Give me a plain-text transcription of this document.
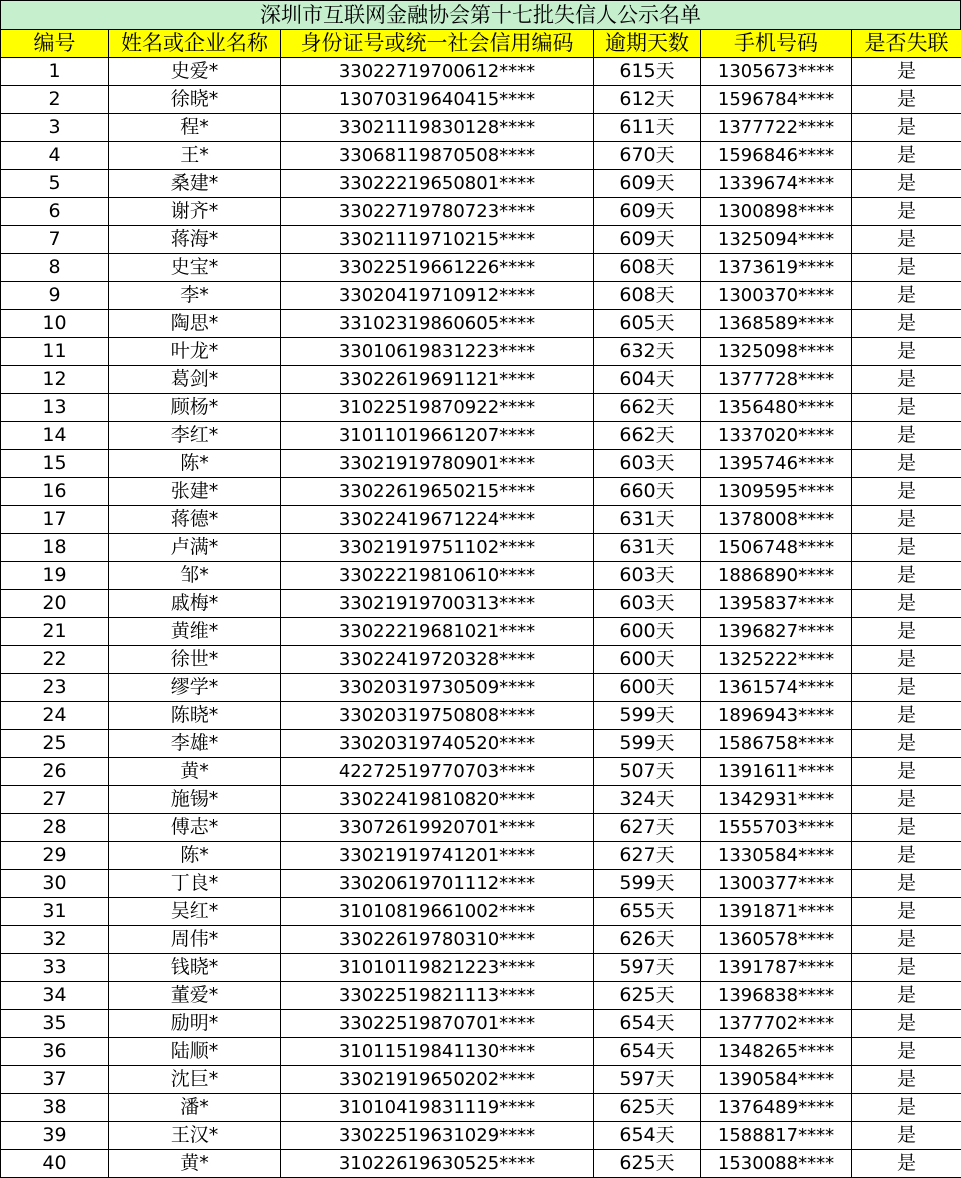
深圳市互联网金融协会第十七批失信人公示名单
编号	姓名或企业名称	身份证号或统一社会信用编码	逾期天数	手机号码	是否失联
1	史爱*	33022719700612****	615天	1305673****	是
2	徐晓*	13070319640415****	612天	1596784****	是
3	程*	33021119830128****	611天	1377722****	是
4	王*	33068119870508****	670天	1596846****	是
5	桑建*	33022219650801****	609天	1339674****	是
6	谢齐*	33022719780723****	609天	1300898****	是
7	蒋海*	33021119710215****	609天	1325094****	是
8	史宝*	33022519661226****	608天	1373619****	是
9	李*	33020419710912****	608天	1300370****	是
10	陶思*	33102319860605****	605天	1368589****	是
11	叶龙*	33010619831223****	632天	1325098****	是
12	葛剑*	33022619691121****	604天	1377728****	是
13	顾杨*	31022519870922****	662天	1356480****	是
14	李红*	31011019661207****	662天	1337020****	是
15	陈*	33021919780901****	603天	1395746****	是
16	张建*	33022619650215****	660天	1309595****	是
17	蒋德*	33022419671224****	631天	1378008****	是
18	卢满*	33021919751102****	631天	1506748****	是
19	邹*	33022219810610****	603天	1886890****	是
20	戚梅*	33021919700313****	603天	1395837****	是
21	黄维*	33022219681021****	600天	1396827****	是
22	徐世*	33022419720328****	600天	1325222****	是
23	缪学*	33020319730509****	600天	1361574****	是
24	陈晓*	33020319750808****	599天	1896943****	是
25	李雄*	33020319740520****	599天	1586758****	是
26	黄*	42272519770703****	507天	1391611****	是
27	施锡*	33022419810820****	324天	1342931****	是
28	傅志*	33072619920701****	627天	1555703****	是
29	陈*	33021919741201****	627天	1330584****	是
30	丁良*	33020619701112****	599天	1300377****	是
31	吴红*	31010819661002****	655天	1391871****	是
32	周伟*	33022619780310****	626天	1360578****	是
33	钱晓*	31010119821223****	597天	1391787****	是
34	董爱*	33022519821113****	625天	1396838****	是
35	励明*	33022519870701****	654天	1377702****	是
36	陆顺*	31011519841130****	654天	1348265****	是
37	沈巨*	33021919650202****	597天	1390584****	是
38	潘*	31010419831119****	625天	1376489****	是
39	王汉*	33022519631029****	654天	1588817****	是
40	黄*	31022619630525****	625天	1530088****	是
